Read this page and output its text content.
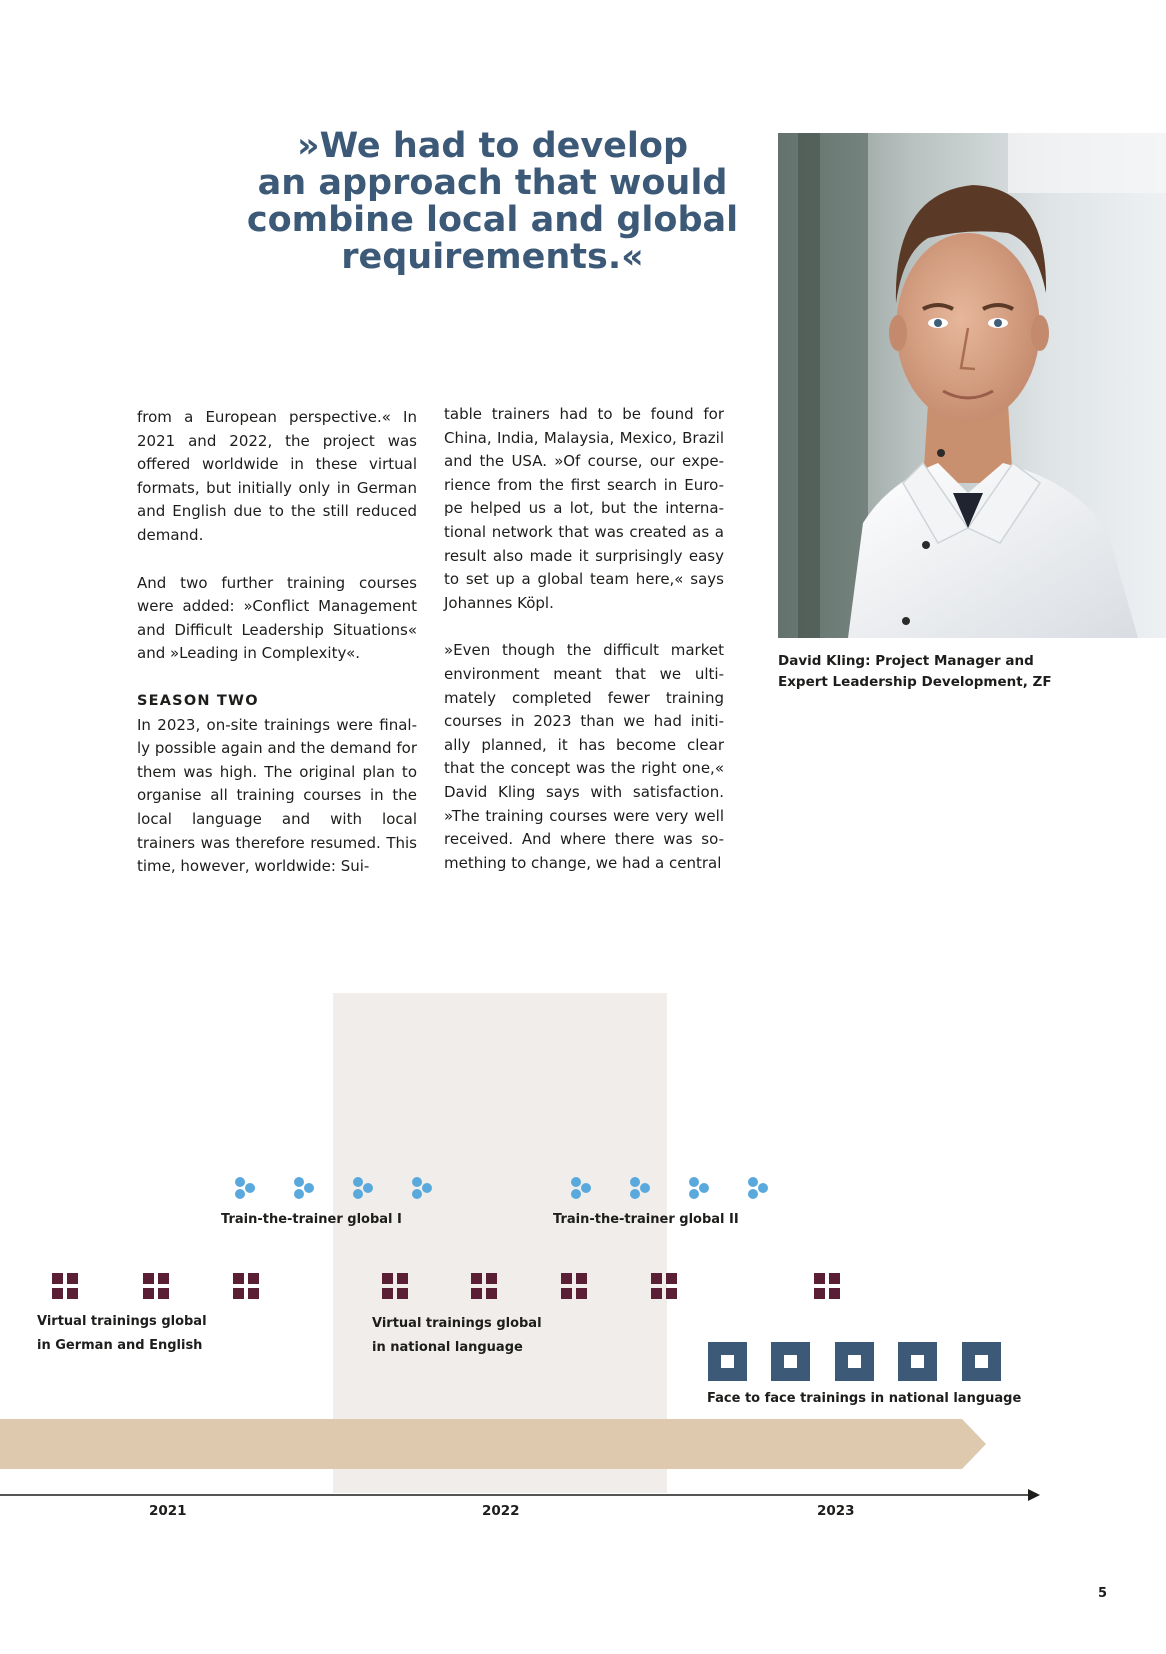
»We had to develop
an approach that would
combine local and global
requirements.«
David Kling: Project Manager and
Expert Leadership Development, ZF

from a European perspective.« In 2021 and 2022, the project was offered worldwide in these virtual formats, but initially only in German and English due to the still reduced demand.

And two further training courses were added: »Conflict Management and Difficult Leadership Situations« and »Leading in Complexity«.

SEASON TWO

In 2023, on-site trainings were final-ly possible again and the demand for them was high. The original plan to organise all training courses in the local language and with local trainers was therefore resumed. This time, however, worldwide: Sui-

table trainers had to be found for China, India, Malaysia, Mexico, Brazil and the USA. »Of course, our expe-rience from the first search in Euro-pe helped us a lot, but the interna-tional network that was created as a result also made it surprisingly easy to set up a global team here,« says Johannes Köpl.

»Even though the difficult market environment meant that we ulti-mately completed fewer training courses in 2023 than we had initi-ally planned, it has become clear that the concept was the right one,« David Kling says with satisfaction. »The training courses were very well received. And where there was so-mething to change, we had a central

Train-the-trainer global I	Train-the-trainer global II
Virtual trainings global
in German and English
Virtual trainings global
in national language
Face to face trainings in national language
2021	2022	2023
5
